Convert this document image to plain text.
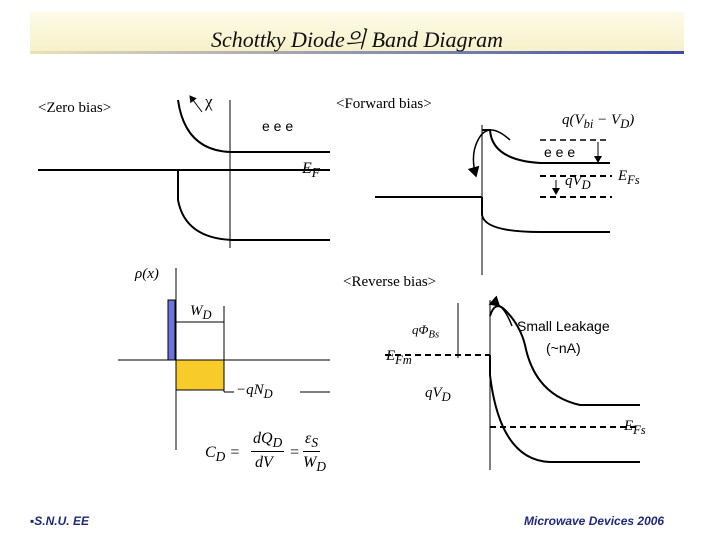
Schottky Diode의 Band Diagram
<Zero bias>	χ
e e e
$E_F$
ρ(x)
$W_D$
$-qN_D$
$C_D$ =
$dQ_D$
dV
=
$\varepsilon_S$
$W_D$
<Forward bias>
$q(V_{bi} - V_D)$
e e e
$qV_D$
$E_{Fs}$
<Reverse bias>
$q\Phi_{Bs}$
$E_{Fm}$
$qV_D$
$E_{Fs}$
Small Leakage
(~nA)
▪S.N.U. EE	Microwave Devices 2006
